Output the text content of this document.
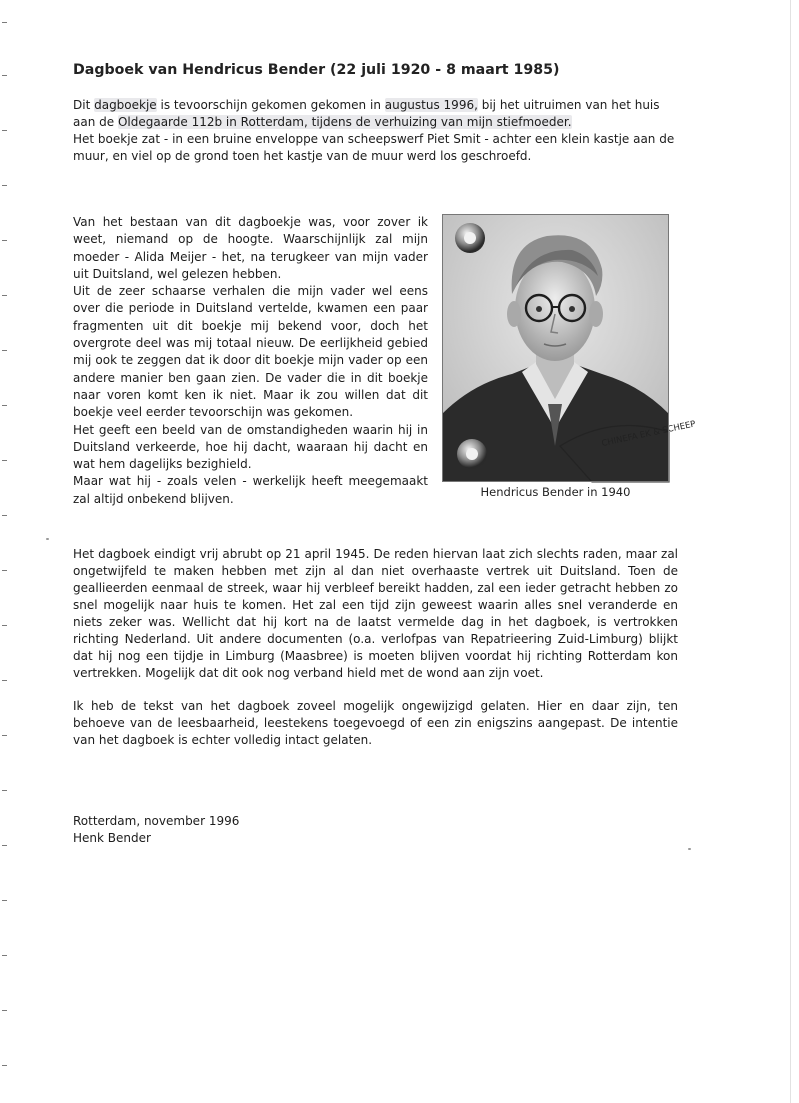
Dagboek van Hendricus Bender (22 juli 1920 - 8 maart 1985)

Dit dagboekje is tevoorschijn gekomen gekomen in augustus 1996, bij het uitruimen van het huis aan de Oldegaarde 112b in Rotterdam, tijdens de verhuizing van mijn stiefmoeder.

Het boekje zat - in een bruine enveloppe van scheepswerf Piet Smit - achter een klein kastje aan de muur, en viel op de grond toen het kastje van de muur werd los geschroefd.

Van het bestaan van dit dagboekje was, voor zover ik weet, niemand op de hoogte. Waarschijnlijk zal mijn moeder - Alida Meijer - het, na terugkeer van mijn vader uit Duitsland, wel gelezen hebben.

Uit de zeer schaarse verhalen die mijn vader wel eens over die periode in Duitsland vertelde, kwamen een paar fragmenten uit dit boekje mij bekend voor, doch het overgrote deel was mij totaal nieuw. De eerlijkheid gebied mij ook te zeggen dat ik door dit boekje mijn vader op een andere manier ben gaan zien. De vader die in dit boekje naar voren komt ken ik niet. Maar ik zou willen dat dit boekje veel eerder tevoorschijn was gekomen.

Het geeft een beeld van de omstandigheden waarin hij in Duitsland verkeerde, hoe hij dacht, waaraan hij dacht en wat hem dagelijks bezighield.

Maar wat hij - zoals velen - werkelijk heeft meegemaakt zal altijd onbekend blijven.

CHINEFA EK & SCHEEP
Hendricus Bender in 1940

Het dagboek eindigt vrij abrubt op 21 april 1945. De reden hiervan laat zich slechts raden, maar zal ongetwijfeld te maken hebben met zijn al dan niet overhaaste vertrek uit Duitsland. Toen de geallieerden eenmaal de streek, waar hij verbleef bereikt hadden, zal een ieder getracht hebben zo snel mogelijk naar huis te komen. Het zal een tijd zijn geweest waarin alles snel veranderde en niets zeker was. Wellicht dat hij kort na de laatst vermelde dag in het dagboek, is vertrokken richting Nederland. Uit andere documenten (o.a. verlofpas van Repatrieering Zuid-Limburg) blijkt dat hij nog een tijdje in Limburg (Maasbree) is moeten blijven voordat hij richting Rotterdam kon vertrekken. Mogelijk dat dit ook nog verband hield met de wond aan zijn voet.

Ik heb de tekst van het dagboek zoveel mogelijk ongewijzigd gelaten. Hier en daar zijn, ten behoeve van de leesbaarheid, leestekens toegevoegd of een zin enigszins aangepast. De intentie van het dagboek is echter volledig intact gelaten.

Rotterdam, november 1996
Henk Bender
